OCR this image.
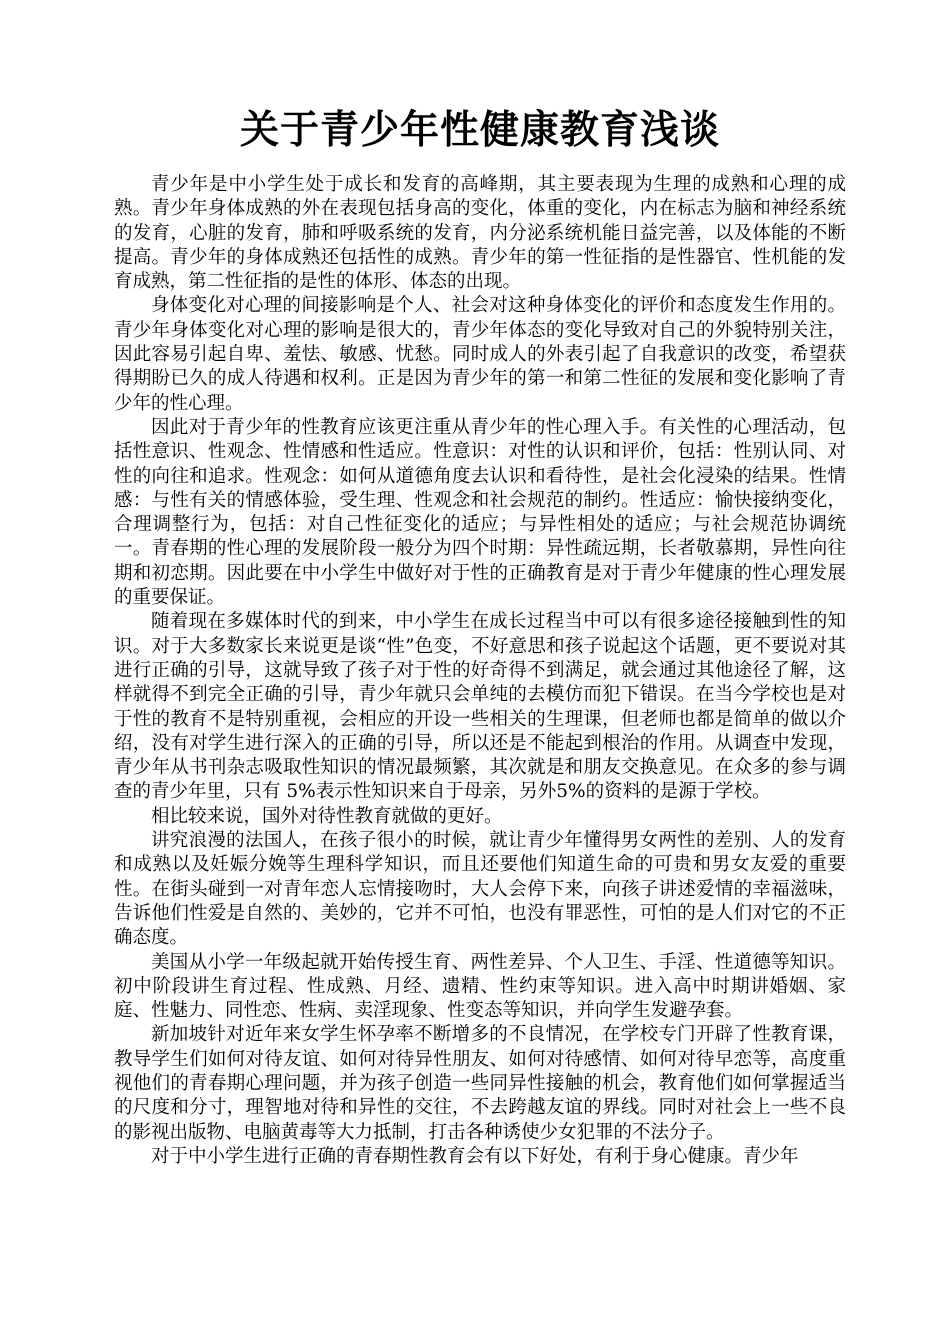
关于青少年性健康教育浅谈

青少年是中小学生处于成长和发育的高峰期，其主要表现为生理的成熟和心理的成熟。青少年身体成熟的外在表现包括身高的变化，体重的变化，内在标志为脑和神经系统的发育，心脏的发育，肺和呼吸系统的发育，内分泌系统机能日益完善，以及体能的不断提高。青少年的身体成熟还包括性的成熟。青少年的第一性征指的是性器官、性机能的发育成熟，第二性征指的是性的体形、体态的出现。

身体变化对心理的间接影响是个人、社会对这种身体变化的评价和态度发生作用的。青少年身体变化对心理的影响是很大的，青少年体态的变化导致对自己的外貌特别关注，因此容易引起自卑、羞怯、敏感、忧愁。同时成人的外表引起了自我意识的改变，希望获得期盼已久的成人待遇和权利。正是因为青少年的第一和第二性征的发展和变化影响了青少年的性心理。

因此对于青少年的性教育应该更注重从青少年的性心理入手。有关性的心理活动，包括性意识、性观念、性情感和性适应。性意识：对性的认识和评价，包括：性别认同、对性的向往和追求。性观念：如何从道德角度去认识和看待性，是社会化浸染的结果。性情感：与性有关的情感体验，受生理、性观念和社会规范的制约。性适应：愉快接纳变化，合理调整行为，包括：对自己性征变化的适应；与异性相处的适应；与社会规范协调统一。青春期的性心理的发展阶段一般分为四个时期：异性疏远期，长者敬慕期，异性向往期和初恋期。因此要在中小学生中做好对于性的正确教育是对于青少年健康的性心理发展的重要保证。

随着现在多媒体时代的到来，中小学生在成长过程当中可以有很多途径接触到性的知识。对于大多数家长来说更是谈“性”色变，不好意思和孩子说起这个话题，更不要说对其进行正确的引导，这就导致了孩子对于性的好奇得不到满足，就会通过其他途径了解，这样就得不到完全正确的引导，青少年就只会单纯的去模仿而犯下错误。在当今学校也是对于性的教育不是特别重视，会相应的开设一些相关的生理课，但老师也都是简单的做以介绍，没有对学生进行深入的正确的引导，所以还是不能起到根治的作用。从调查中发现，青少年从书刊杂志吸取性知识的情况最频繁，其次就是和朋友交换意见。在众多的参与调查的青少年里，只有 5%表示性知识来自于母亲，另外5%的资料的是源于学校。

相比较来说，国外对待性教育就做的更好。

讲究浪漫的法国人，在孩子很小的时候，就让青少年懂得男女两性的差别、人的发育和成熟以及妊娠分娩等生理科学知识，而且还要他们知道生命的可贵和男女友爱的重要性。在街头碰到一对青年恋人忘情接吻时，大人会停下来，向孩子讲述爱情的幸福滋味，告诉他们性爱是自然的、美妙的，它并不可怕，也没有罪恶性，可怕的是人们对它的不正确态度。

美国从小学一年级起就开始传授生育、两性差异、个人卫生、手淫、性道德等知识。初中阶段讲生育过程、性成熟、月经、遗精、性约束等知识。进入高中时期讲婚姻、家庭、性魅力、同性恋、性病、卖淫现象、性变态等知识，并向学生发避孕套。

新加坡针对近年来女学生怀孕率不断增多的不良情况，在学校专门开辟了性教育课，教导学生们如何对待友谊、如何对待异性朋友、如何对待感情、如何对待早恋等，高度重视他们的青春期心理问题，并为孩子创造一些同异性接触的机会，教育他们如何掌握适当的尺度和分寸，理智地对待和异性的交往，不去跨越友谊的界线。同时对社会上一些不良的影视出版物、电脑黄毒等大力抵制，打击各种诱使少女犯罪的不法分子。

对于中小学生进行正确的青春期性教育会有以下好处，有利于身心健康。青少年
